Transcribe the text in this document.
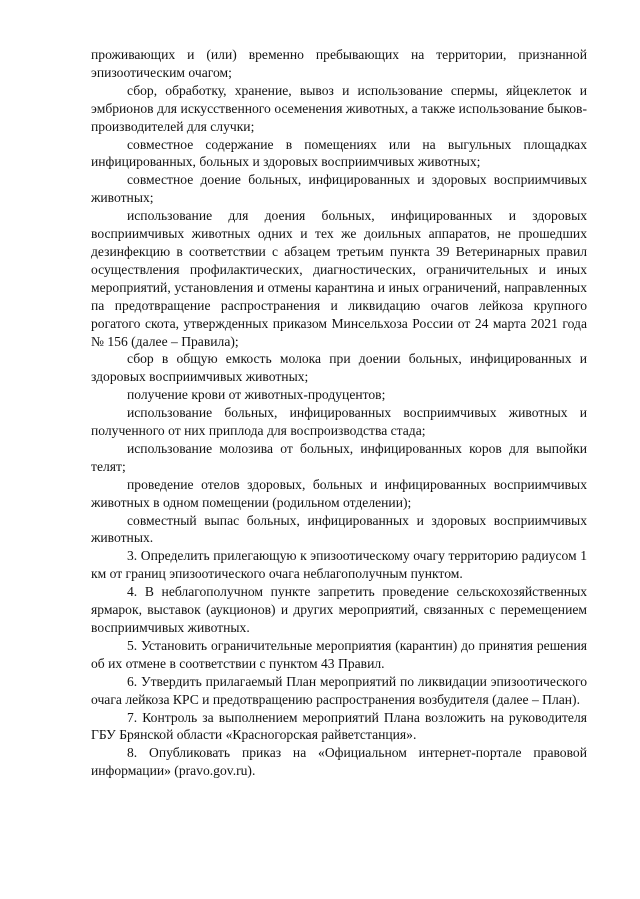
проживающих и (или) временно пребывающих на территории, признанной эпизоотическим очагом;

сбор, обработку, хранение, вывоз и использование спермы, яйцеклеток и эмбрионов для искусственного осеменения животных, а также использование быков-производителей для случки;

совместное содержание в помещениях или на выгульных площадках инфицированных, больных и здоровых восприимчивых животных;

совместное доение больных, инфицированных и здоровых восприимчивых животных;

использование для доения больных, инфицированных и здоровых восприимчивых животных одних и тех же доильных аппаратов, не прошедших дезинфекцию в соответствии с абзацем третьим пункта 39 Ветеринарных правил осуществления профилактических, диагностических, ограничительных и иных мероприятий, установления и отмены карантина и иных ограничений, направленных па предотвращение распространения и ликвидацию очагов лейкоза крупного рогатого скота, утвержденных приказом Минсельхоза России от 24 марта 2021 года № 156 (далее – Правила);

сбор в общую емкость молока при доении больных, инфицированных и здоровых восприимчивых животных;

получение крови от животных-продуцентов;

использование больных, инфицированных восприимчивых животных и полученного от них приплода для воспроизводства стада;

использование молозива от больных, инфицированных коров для выпойки телят;

проведение отелов здоровых, больных и инфицированных восприимчивых животных в одном помещении (родильном отделении);

совместный выпас больных, инфицированных и здоровых восприимчивых животных.

3. Определить прилегающую к эпизоотическому очагу территорию радиусом 1 км от границ эпизоотического очага неблагополучным пунктом.

4. В неблагополучном пункте запретить проведение сельскохозяйственных ярмарок, выставок (аукционов) и других мероприятий, связанных с перемещением восприимчивых животных.

5. Установить ограничительные мероприятия (карантин) до принятия решения об их отмене в соответствии с пунктом 43 Правил.

6. Утвердить прилагаемый План мероприятий по ликвидации эпизоотического очага лейкоза КРС и предотвращению распространения возбудителя (далее – План).

7. Контроль за выполнением мероприятий Плана возложить на руководителя ГБУ Брянской области «Красногорская райветстанция».

8. Опубликовать приказ на «Официальном интернет-портале правовой информации» (pravo.gov.ru).
